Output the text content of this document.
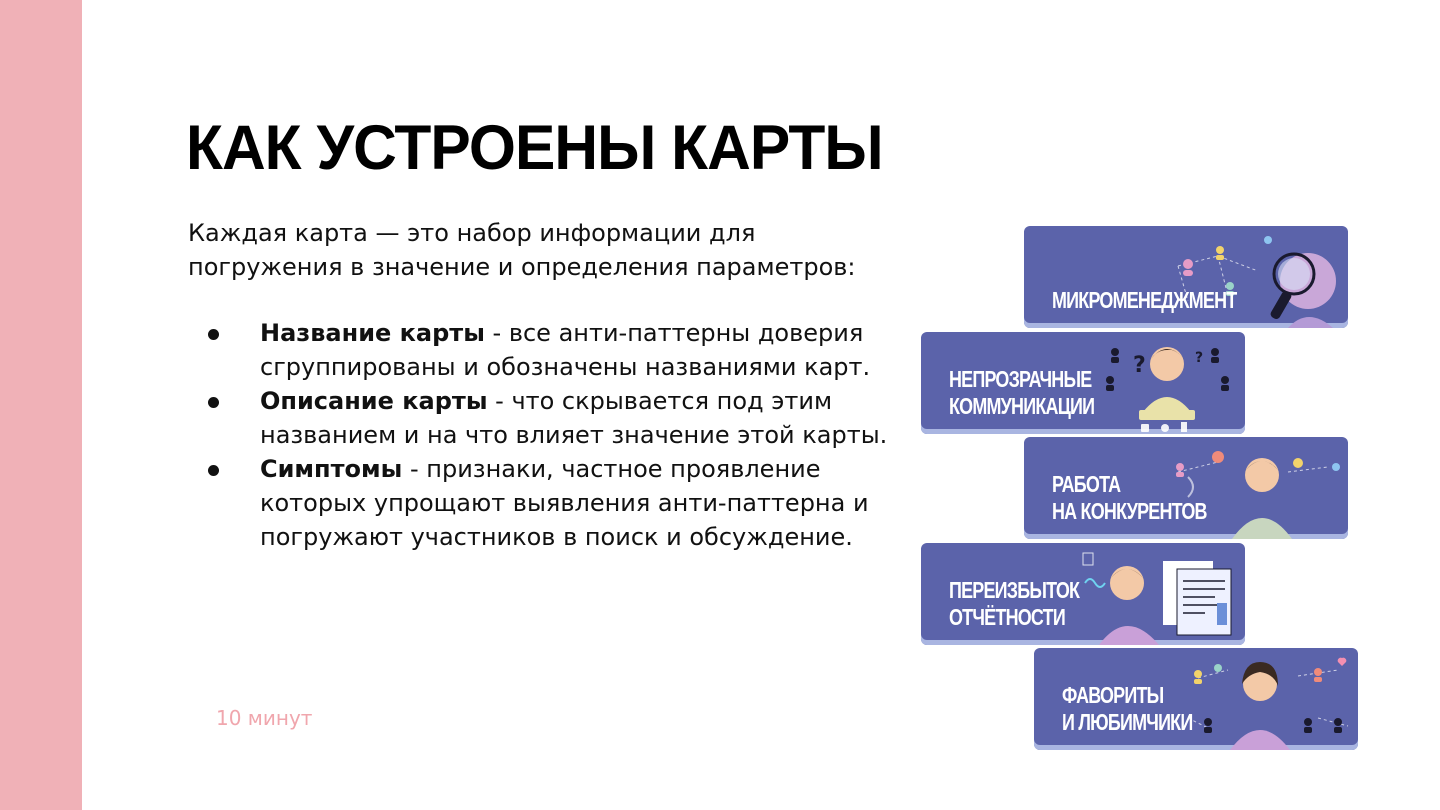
КАК УСТРОЕНЫ КАРТЫ

Каждая карта — это набор информации для погружения в значение и определения параметров:

Название карты - все анти-паттерны доверия сгруппированы и обозначены названиями карт.
Описание карты - что скрывается под этим названием и на что влияет значение этой карты.
Симптомы - признаки, частное проявление которых упрощают выявления анти-паттерна и погружают участников в поиск и обсуждение.
10 минут
МИКРОМЕНЕДЖМЕНТ
?	?
НЕПРОЗРАЧНЫЕ
КОММУНИКАЦИИ
РАБОТА
НА КОНКУРЕНТОВ
ПЕРЕИЗБЫТОК
ОТЧЁТНОСТИ
ФАВОРИТЫ
И ЛЮБИМЧИКИ
